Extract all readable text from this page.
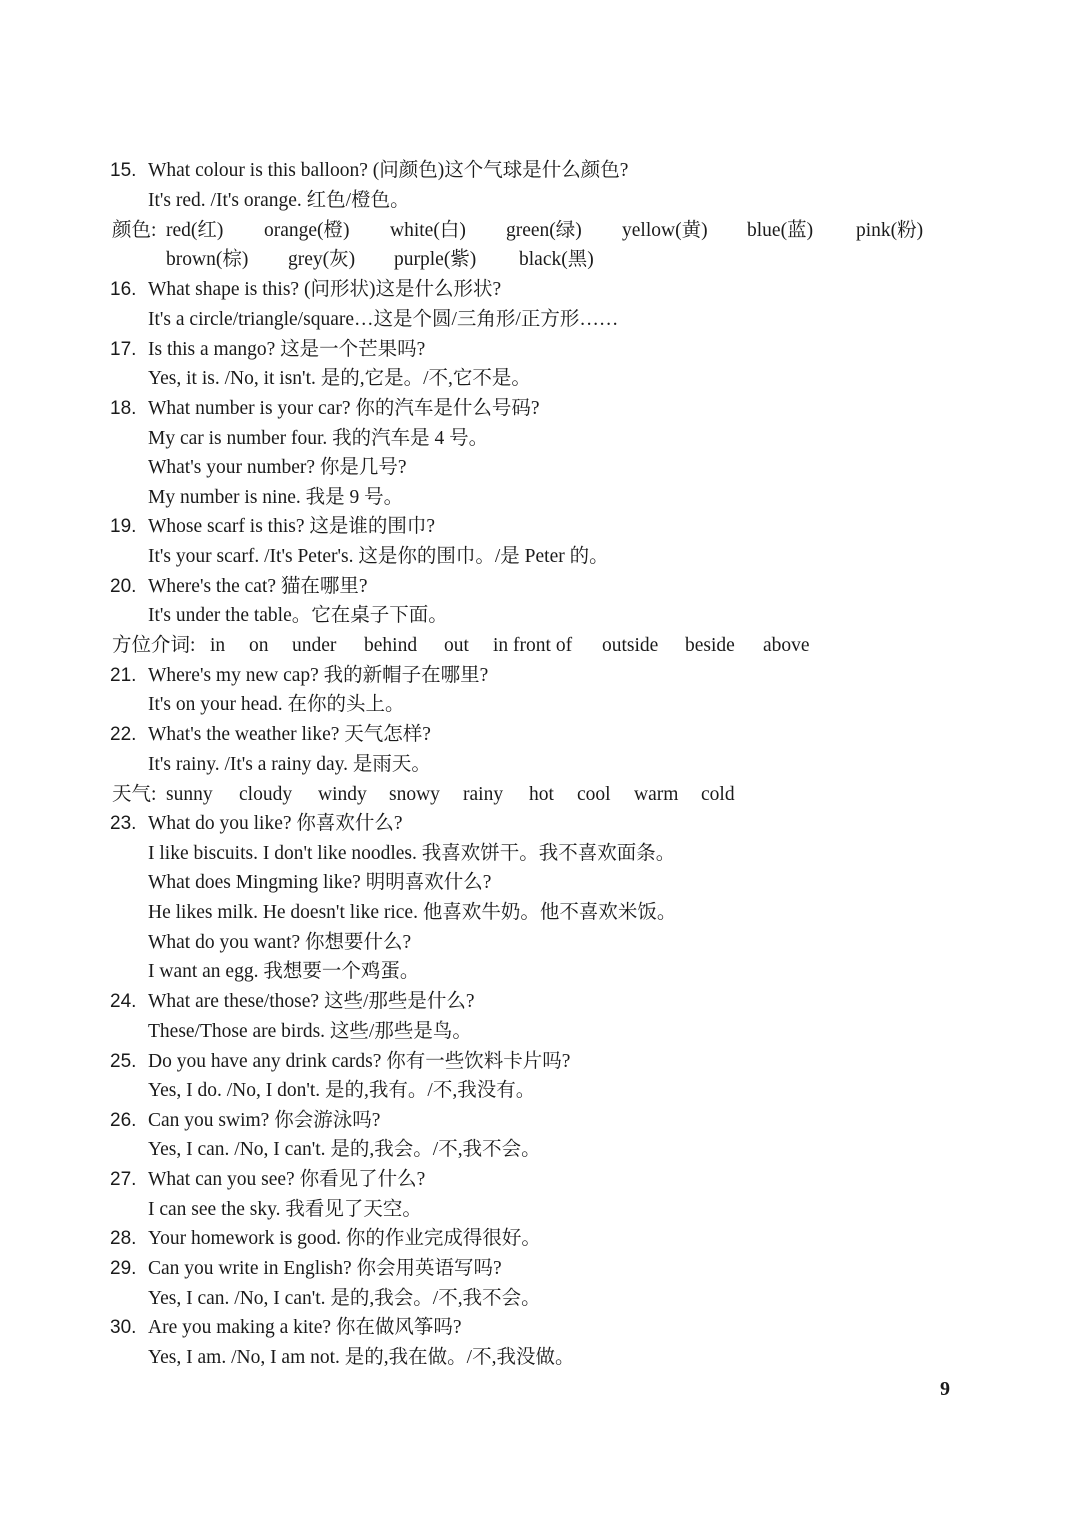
15. What colour is this balloon? (问颜色)这个气球是什么颜色?
It's red. /It's orange. 红色/橙色。
颜色: red(红) orange(橙) white(白) green(绿) yellow(黄) blue(蓝) pink(粉)
brown(棕) grey(灰) purple(紫) black(黑)
16. What shape is this? (问形状)这是什么形状?
It's a circle/triangle/square…这是个圆/三角形/正方形……
17. Is this a mango? 这是一个芒果吗?
Yes, it is. /No, it isn't. 是的,它是。/不,它不是。
18. What number is your car? 你的汽车是什么号码?
My car is number four. 我的汽车是 4 号。
What's your number? 你是几号?
My number is nine. 我是 9 号。
19. Whose scarf is this? 这是谁的围巾?
It's your scarf. /It's Peter's. 这是你的围巾。/是 Peter 的。
20. Where's the cat? 猫在哪里?
It's under the table。它在桌子下面。
方位介词: in on under behind out in front of outside beside above
21. Where's my new cap? 我的新帽子在哪里?
It's on your head. 在你的头上。
22. What's the weather like? 天气怎样?
It's rainy. /It's a rainy day. 是雨天。
天气: sunny cloudy windy snowy rainy hot cool warm cold
23. What do you like? 你喜欢什么?
I like biscuits. I don't like noodles. 我喜欢饼干。我不喜欢面条。
What does Mingming like? 明明喜欢什么?
He likes milk. He doesn't like rice. 他喜欢牛奶。他不喜欢米饭。
What do you want? 你想要什么?
I want an egg. 我想要一个鸡蛋。
24. What are these/those? 这些/那些是什么?
These/Those are birds. 这些/那些是鸟。
25. Do you have any drink cards? 你有一些饮料卡片吗?
Yes, I do. /No, I don't. 是的,我有。/不,我没有。
26. Can you swim? 你会游泳吗?
Yes, I can. /No, I can't. 是的,我会。/不,我不会。
27. What can you see? 你看见了什么?
I can see the sky. 我看见了天空。
28. Your homework is good. 你的作业完成得很好。
29. Can you write in English? 你会用英语写吗?
Yes, I can. /No, I can't. 是的,我会。/不,我不会。
30. Are you making a kite? 你在做风筝吗?
Yes, I am. /No, I am not. 是的,我在做。/不,我没做。
9
